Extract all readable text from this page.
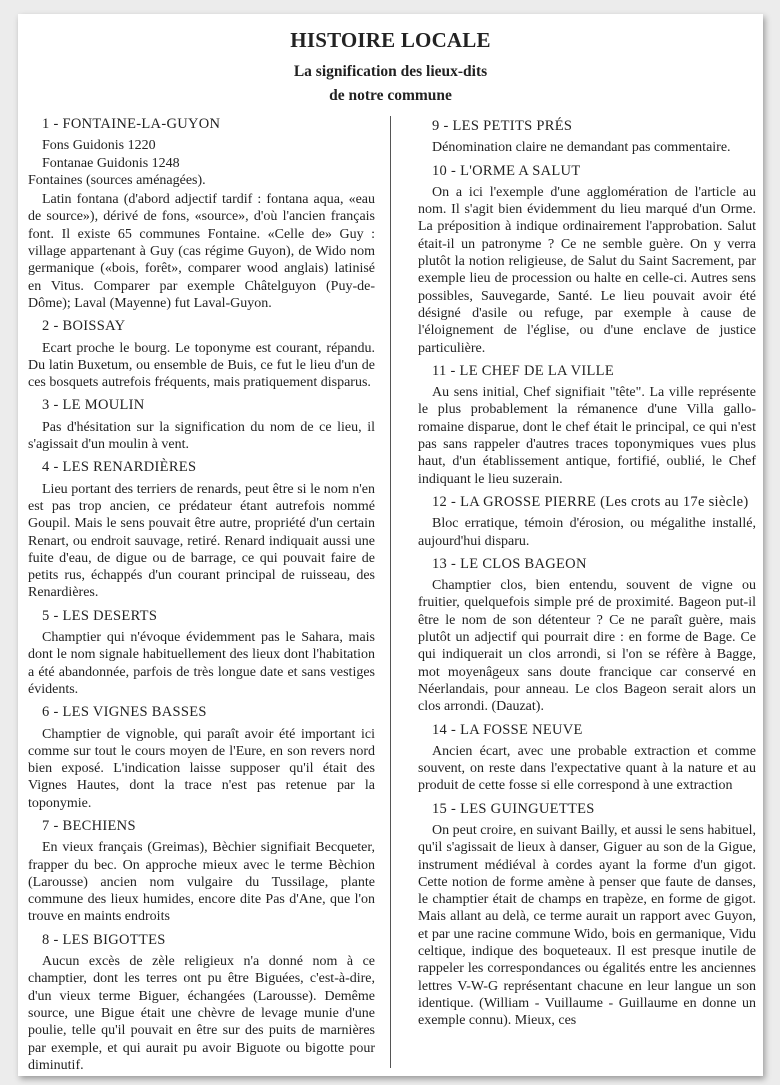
HISTOIRE LOCALE
La signification des lieux-dits
de notre commune
1 - FONTAINE-LA-GUYON
Fons Guidonis 1220
Fontanae Guidonis 1248

Fontaines (sources aménagées).

Latin fontana (d'abord adjectif tardif : fontana aqua, «eau de source»), dérivé de fons, «source», d'où l'ancien français font. Il existe 65 communes Fontaine. «Celle de» Guy : village appartenant à Guy (cas régime Guyon), de Wido nom germanique («bois, forêt», comparer wood anglais) latinisé en Vitus. Comparer par exemple Châtelguyon (Puy-de-Dôme); Laval (Mayenne) fut Laval-Guyon.

2 - BOISSAY

Ecart proche le bourg. Le toponyme est courant, répandu. Du latin Buxetum, ou ensemble de Buis, ce fut le lieu d'un de ces bosquets autrefois fréquents, mais pratiquement disparus.

3 - LE MOULIN

Pas d'hésitation sur la signification du nom de ce lieu, il s'agissait d'un moulin à vent.

4 - LES RENARDIÈRES

Lieu portant des terriers de renards, peut être si le nom n'en est pas trop ancien, ce prédateur étant autrefois nommé Goupil. Mais le sens pouvait être autre, propriété d'un certain Renart, ou endroit sauvage, retiré. Renard indiquait aussi une fuite d'eau, de digue ou de barrage, ce qui pouvait faire de petits rus, échappés d'un courant principal de ruisseau, des Renardières.

5 - LES DESERTS

Champtier qui n'évoque évidemment pas le Sahara, mais dont le nom signale habituellement des lieux dont l'habitation a été abandonnée, parfois de très longue date et sans vestiges évidents.

6 - LES VIGNES BASSES

Champtier de vignoble, qui paraît avoir été important ici comme sur tout le cours moyen de l'Eure, en son revers nord bien exposé. L'indication laisse supposer qu'il était des Vignes Hautes, dont la trace n'est pas retenue par la toponymie.

7 - BECHIENS

En vieux français (Greimas), Bèchier signifiait Becqueter, frapper du bec. On approche mieux avec le terme Bèchion (Larousse) ancien nom vulgaire du Tussilage, plante commune des lieux humides, encore dite Pas d'Ane, que l'on trouve en maints endroits

8 - LES BIGOTTES

Aucun excès de zèle religieux n'a donné nom à ce champtier, dont les terres ont pu être Biguées, c'est-à-dire, d'un vieux terme Biguer, échangées (Larousse). Demême source, une Bigue était une chèvre de levage munie d'une poulie, telle qu'il pouvait en être sur des puits de marnières par exemple, et qui aurait pu avoir Biguote ou bigotte pour diminutif.

9 - LES PETITS PRÉS

Dénomination claire ne demandant pas commentaire.

10 - L'ORME A SALUT

On a ici l'exemple d'une agglomération de l'article au nom. Il s'agit bien évidemment du lieu marqué d'un Orme. La préposition à indique ordinairement l'approbation. Salut était-il un patronyme ? Ce ne semble guère. On y verra plutôt la notion religieuse, de Salut du Saint Sacrement, par exemple lieu de procession ou halte en celle-ci. Autres sens possibles, Sauvegarde, Santé. Le lieu pouvait avoir été désigné d'asile ou refuge, par exemple à cause de l'éloignement de l'église, ou d'une enclave de justice particulière.

11 - LE CHEF DE LA VILLE

Au sens initial, Chef signifiait "tête". La ville représente le plus probablement la rémanence d'une Villa gallo-romaine disparue, dont le chef était le principal, ce qui n'est pas sans rappeler d'autres traces toponymiques vues plus haut, d'un établissement antique, fortifié, oublié, le Chef indiquant le lieu suzerain.

12 - LA GROSSE PIERRE (Les crots au 17e siècle)

Bloc erratique, témoin d'érosion, ou mégalithe installé, aujourd'hui disparu.

13 - LE CLOS BAGEON

Champtier clos, bien entendu, souvent de vigne ou fruitier, quelquefois simple pré de proximité. Bageon put-il être le nom de son détenteur ? Ce ne paraît guère, mais plutôt un adjectif qui pourrait dire : en forme de Bage. Ce qui indiquerait un clos arrondi, si l'on se réfère à Bagge, mot moyenâgeux sans doute francique car conservé en Néerlandais, pour anneau. Le clos Bageon serait alors un clos arrondi. (Dauzat).

14 - LA FOSSE NEUVE

Ancien écart, avec une probable extraction et comme souvent, on reste dans l'expectative quant à la nature et au produit de cette fosse si elle correspond à une extraction

15 - LES GUINGUETTES

On peut croire, en suivant Bailly, et aussi le sens habituel, qu'il s'agissait de lieux à danser, Giguer au son de la Gigue, instrument médiéval à cordes ayant la forme d'un gigot. Cette notion de forme amène à penser que faute de danses, le champtier était de champs en trapèze, en forme de gigot. Mais allant au delà, ce terme aurait un rapport avec Guyon, et par une racine commune Wido, bois en germanique, Vidu celtique, indique des boqueteaux. Il est presque inutile de rappeler les correspondances ou égalités entre les anciennes lettres V-W-G représentant chacune en leur langue un son identique. (William - Vuillaume - Guillaume en donne un exemple connu). Mieux, ces
